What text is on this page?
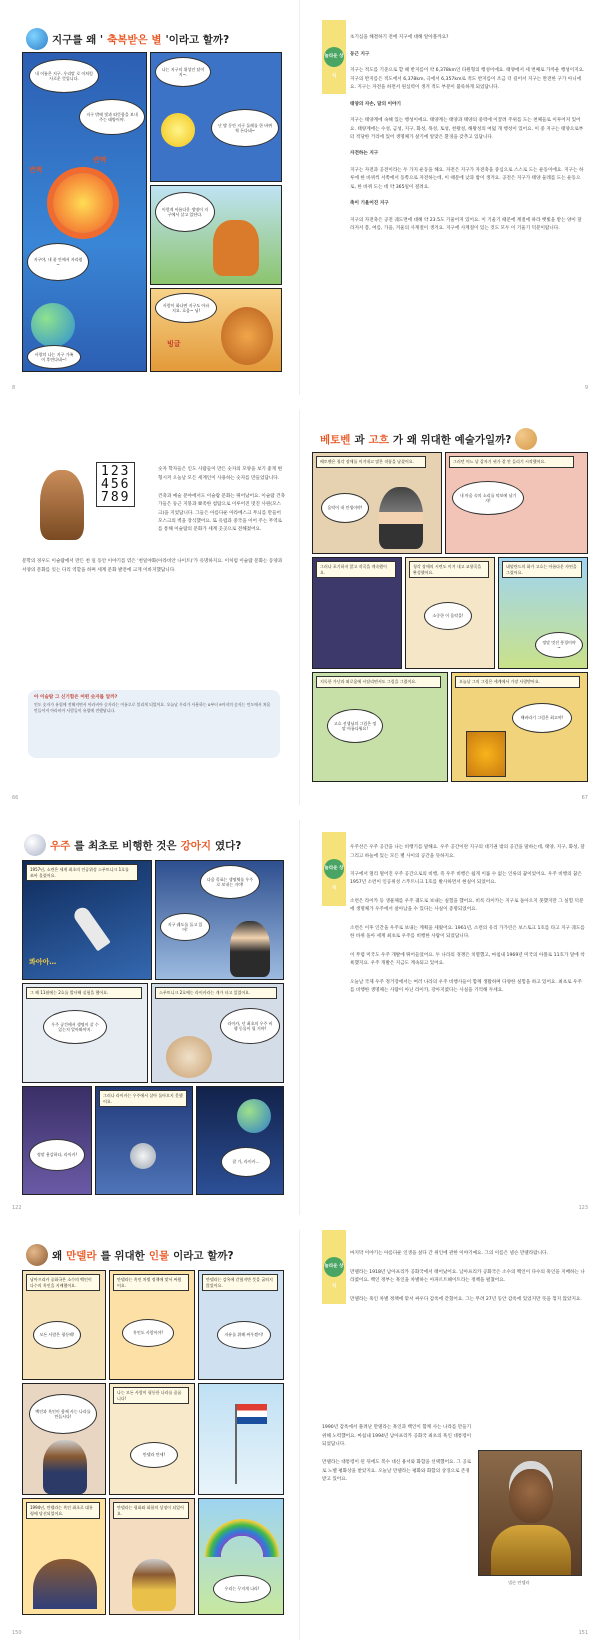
지구를 왜 ' 축복받은 별 '이라고 할까?
내 이름은 지구. 우리말 로 이처럼 사로운 뜻입니다.
지구 밖에 빛과 따뜻함을 보내주는 태양이야.
지구야, 내 품 안에서 자라렴~
사랑의 나는 지구 가족이 후련다네~!
반짝
번쩍
나는 지구의 위성인 달이지~.
난 밤 동안 지구 둘레를 한 바퀴씩 돈다네~
이렇게 아름다운 생명이 지구에서 살고 있단다.
사람이 화나면 지구도 아파지요. 흐음~ 닝!
빙글
8
놀라운 상식

초기심을 해결하기 전에 지구에 대해 알아볼까요?

둥근 지구

지구는 적도를 기준으로 할 때 반지름이 약 6,378km인 타원형의 행성이에요. 태양에서 세 번째로 가까운 행성이지요. 지구의 반지름은 적도에서 6,378km, 극에서 6,357km로 적도 반지름이 조금 더 길어서 지구는 완전한 구가 아니에요. 지구는 자전을 하면서 원심력이 생겨 적도 부분이 불룩하게 되었답니다.

태양의 자손, 달의 이야기

지구는 태양계에 속해 있는 행성이에요. 태양계는 태양과 태양의 중력에 이끌려 주위를 도는 천체들로 이루어져 있어요. 태양계에는 수성, 금성, 지구, 화성, 목성, 토성, 천왕성, 해왕성의 여덟 개 행성이 있어요. 이 중 지구는 태양으로부터 적당한 거리에 있어 생명체가 살기에 알맞은 환경을 갖추고 있답니다.

자전하는 지구

지구는 자전과 공전이라는 두 가지 운동을 해요. 자전은 지구가 자전축을 중심으로 스스로 도는 운동이에요. 지구는 하루에 한 바퀴씩 서쪽에서 동쪽으로 자전하는데, 이 때문에 낮과 밤이 생겨요. 공전은 지구가 태양 둘레를 도는 운동으로, 한 바퀴 도는 데 약 365일이 걸려요.

축이 기울어진 지구

지구의 자전축은 공전 궤도면에 대해 약 23.5도 기울어져 있어요. 이 기울기 때문에 계절에 따라 햇빛을 받는 양이 달라져서 봄, 여름, 가을, 겨울의 사계절이 생겨요. 지구에 사계절이 있는 것도 모두 이 기울기 덕분이랍니다.

9
123
456
789

숫자 학자들은 인도 사람들이 만든 숫자의 모양을 보기 좋게 변형시켜 오늘날 모든 세계인이 사용하는 숫자를 만들었답니다.

건축과 예술 분야에서도 이슬람 문화는 뛰어났어요. 이슬람 건축가들은 둥근 지붕과 뾰족한 첨탑으로 이루어진 멋진 사원(모스크)을 지었답니다. 그들은 아름다운 아라베스크 무늬를 만들어 모스크의 벽을 장식했어요. 또 유럽과 중국을 이어 주는 무역로를 통해 이슬람의 문화가 세계 곳곳으로 전해졌어요.

문학의 경우도 이슬람에서 만든 천 일 동안 이야기를 엮은 '천일야화(아라비안 나이트)'가 유명하지요. 이처럼 이슬람 문화는 동양과 서양의 문화를 잇는 다리 역할을 하며 세계 문화 발전에 크게 이바지했답니다.

아 이슬람 그 신기함은 어떤 숫자를 알까?
인도 숫자가 유럽에 전해지면서 아라비아 숫자라는 이름으로 불리게 되었어요. 오늘날 우리가 사용하는 0부터 9까지의 숫자는 인도에서 처음 만들어져 아라비아 사람들이 유럽에 전했답니다.
66
베토벤 과 고흐 가 왜 위대한 예술가일까?
베토벤은 청각 장애를 이겨내고 많은 작품을 남겼어요.
음악이 내 인생이야!
그러던 어느 날 갑자기 귀가 잘 안 들리기 시작했어요.
내 마음 속의 소리를 악보에 남기자!
그러나 포기하지 않고 작곡을 계속했어요.
청각 장애의 시련도 이겨 내고 교향곡을 완성했어요.
소중한 이 음악을!
네덜란드의 화가 고흐는 아름다운 자연을 그렸어요.
정말 멋진 풍경이야~
지독한 가난과 외로움에 시달리면서도 그림을 그렸어요.
고흐 선생님의 그림은 정말 아름다워요!
오늘날 그의 그림은 세계에서 가장 사랑받아요.
해바라기 그림은 최고야!
67
우주 를 최초로 비행한 것은 강아지 였다?
1957년, 소련은 세계 최초의 인공위성 스푸트니크 1호를 쏘아 올렸어요.
콰아아…
다음 목표는 생명체를 우주로 보내는 거야!
지구 궤도를 돌고 있어!
그 해 11월에는 2호를 발사해 실험을 했어요.
우주 공간에서 생명이 살 수 있는지 알아봐야지.
스푸트니크 2호에는 라이카라는 개가 타고 있었어요.
라이카, 넌 최초의 우주 비행 동물이 될 거야!
정말 용감하다, 라이카!
그러나 라이카는 우주에서 살아 돌아오지 못했어요.
잘 가, 라이카…
122
놀라운 상식

우주선은 우주 공간을 나는 비행기를 말해요. 우주 공간이란 지구의 대기권 밖의 공간을 말하는데, 태양, 지구, 화성, 달 그리고 하늘에 있는 모든 별 사이의 공간을 뜻하지요.

지구에서 멀리 떨어진 우주 공간으로의 비행, 즉 우주 비행은 쉽게 이룰 수 없는 인류의 꿈이었어요. 우주 비행의 꿈은 1957년 소련이 인공위성 스푸트니크 1호를 발사하면서 현실이 되었어요.

소련은 라이카 등 생물체를 우주 궤도로 보내는 실험을 했어요. 비록 라이카는 지구로 돌아오지 못했지만 그 실험 덕분에 생명체가 우주에서 살아남을 수 있다는 사실이 증명되었어요.

소련은 이후 인간을 우주로 보내는 계획을 세웠어요. 1961년, 소련의 유리 가가린은 보스토크 1호를 타고 지구 궤도를 한 바퀴 돌아 세계 최초로 우주를 비행한 사람이 되었답니다.

이 무렵 미국도 우주 개발에 뛰어들었어요. 두 나라의 경쟁은 치열했고, 마침내 1969년 미국의 아폴로 11호가 달에 착륙했지요. 우주 개발은 지금도 계속되고 있어요.

오늘날 국제 우주 정거장에서는 여러 나라의 우주 비행사들이 함께 생활하며 다양한 실험을 하고 있어요. 최초로 우주를 비행한 생명체는 사람이 아닌 라이카, 강아지였다는 사실을 기억해 두세요.

123
왜 만델라 를 위대한 인물 이라고 할까?
남아프리카 공화국은 소수의 백인이 다수의 흑인을 지배했어요.
모든 사람은 평등해!
만델라는 흑인 차별 정책에 맞서 싸웠어요.
흑인도 사람이야!
만델라는 감옥에 갇혔지만 뜻을 굽히지 않았어요.
자유를 위해 싸우겠어!
백인과 흑인이 함께 사는 나라를 만듭시다!
나는 모든 사람이 평등한 나라를 꿈꿉니다!
만델라 만세!
1994년, 만델라는 흑인 최초로 대통령에 당선되었어요.
만델라는 평화와 화합의 상징이 되었어요.
우리는 무지개 나라!
150
놀라운 상식

마지막 이야기는 아름다운 인생을 살다 간 위인에 관한 이야기예요. 그의 이름은 넬슨 만델라랍니다.

만델라는 1918년 남아프리카 공화국에서 태어났어요. 남아프리카 공화국은 소수의 백인이 다수의 흑인을 지배하는 나라였어요. 백인 정부는 흑인을 차별하는 아파르트헤이트라는 정책을 펼쳤어요.

만델라는 흑인 차별 정책에 맞서 싸우다 감옥에 갇혔어요. 그는 무려 27년 동안 감옥에 있었지만 뜻을 꺾지 않았지요.

1990년 감옥에서 풀려난 만델라는 흑인과 백인이 함께 사는 나라를 만들기 위해 노력했어요. 마침내 1994년 남아프리카 공화국 최초의 흑인 대통령이 되었답니다.

만델라는 대통령이 된 뒤에도 복수 대신 용서와 화합을 선택했어요. 그 공로로 노벨 평화상을 받았지요. 오늘날 만델라는 평화와 화합의 상징으로 존경받고 있어요.

넬슨 만델라
151
